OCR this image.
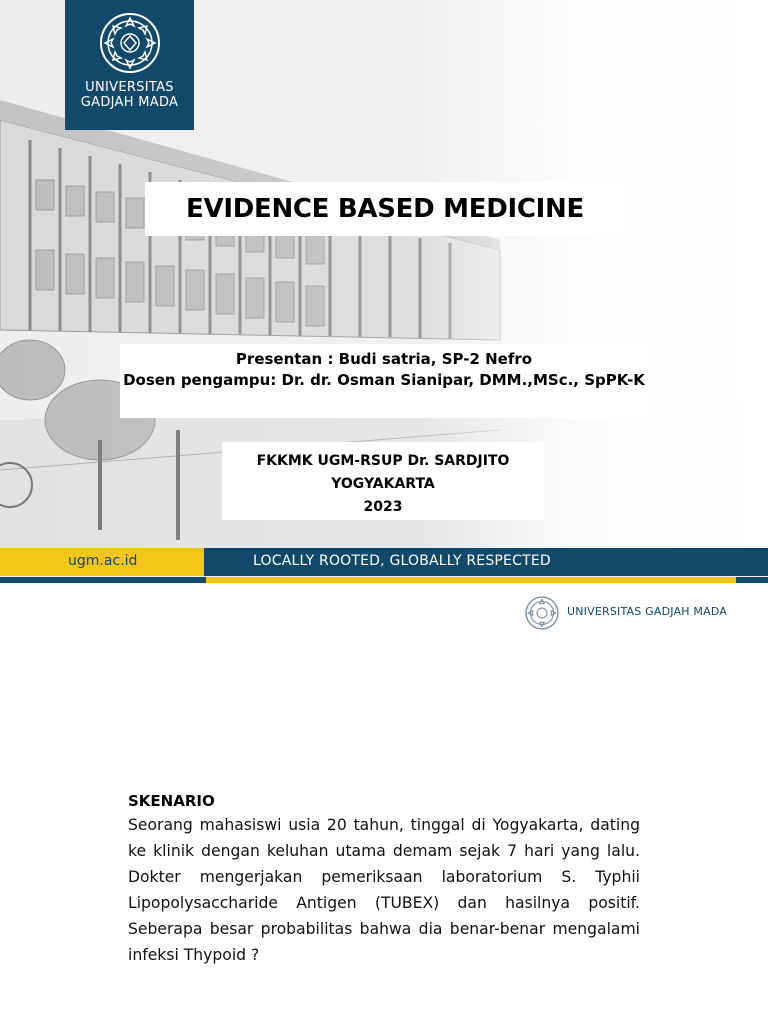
UNIVERSITAS
GADJAH MADA
EVIDENCE BASED MEDICINE
Presentan : Budi satria, SP-2 Nefro
Dosen pengampu: Dr. dr. Osman Sianipar, DMM.,MSc., SpPK-K
FKKMK UGM-RSUP Dr. SARDJITO
YOGYAKARTA
2023
ugm.ac.id	LOCALLY ROOTED, GLOBALLY RESPECTED
UNIVERSITAS GADJAH MADA

SKENARIO

Seorang mahasiswi usia 20 tahun, tinggal di Yogyakarta, dating ke klinik dengan keluhan utama demam sejak 7 hari yang lalu. Dokter mengerjakan pemeriksaan laboratorium S. Typhii Lipopolysaccharide Antigen (TUBEX) dan hasilnya positif. Seberapa besar probabilitas bahwa dia benar-benar mengalami infeksi Thypoid ?
